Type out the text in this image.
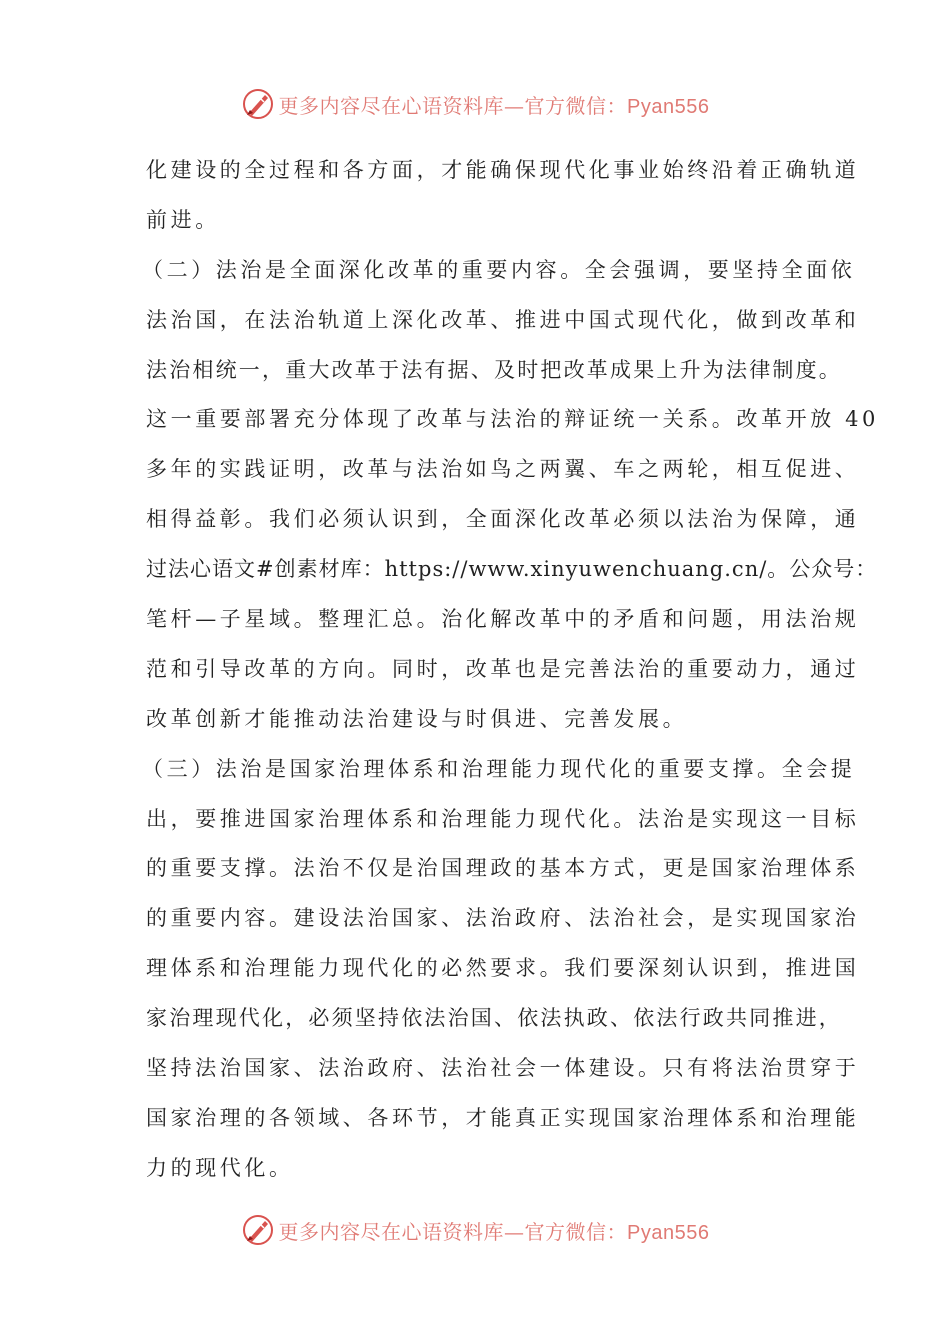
更多内容尽在心语资料库—官方微信：Pyan556
化建设的全过程和各方面，才能确保现代化事业始终沿着正确轨道
前进。
（二）法治是全面深化改革的重要内容。全会强调，要坚持全面依
法治国，在法治轨道上深化改革、推进中国式现代化，做到改革和
法治相统一，重大改革于法有据、及时把改革成果上升为法律制度。
这一重要部署充分体现了改革与法治的辩证统一关系。改革开放 40
多年的实践证明，改革与法治如鸟之两翼、车之两轮，相互促进、
相得益彰。我们必须认识到，全面深化改革必须以法治为保障，通
过法心语文#创素材库：https://www.xinyuwenchuang.cn/。公众号：
笔杆—子星域。整理汇总。治化解改革中的矛盾和问题，用法治规
范和引导改革的方向。同时，改革也是完善法治的重要动力，通过
改革创新才能推动法治建设与时俱进、完善发展。
（三）法治是国家治理体系和治理能力现代化的重要支撑。全会提
出，要推进国家治理体系和治理能力现代化。法治是实现这一目标
的重要支撑。法治不仅是治国理政的基本方式，更是国家治理体系
的重要内容。建设法治国家、法治政府、法治社会，是实现国家治
理体系和治理能力现代化的必然要求。我们要深刻认识到，推进国
家治理现代化，必须坚持依法治国、依法执政、依法行政共同推进，
坚持法治国家、法治政府、法治社会一体建设。只有将法治贯穿于
国家治理的各领域、各环节，才能真正实现国家治理体系和治理能
力的现代化。
更多内容尽在心语资料库—官方微信：Pyan556
